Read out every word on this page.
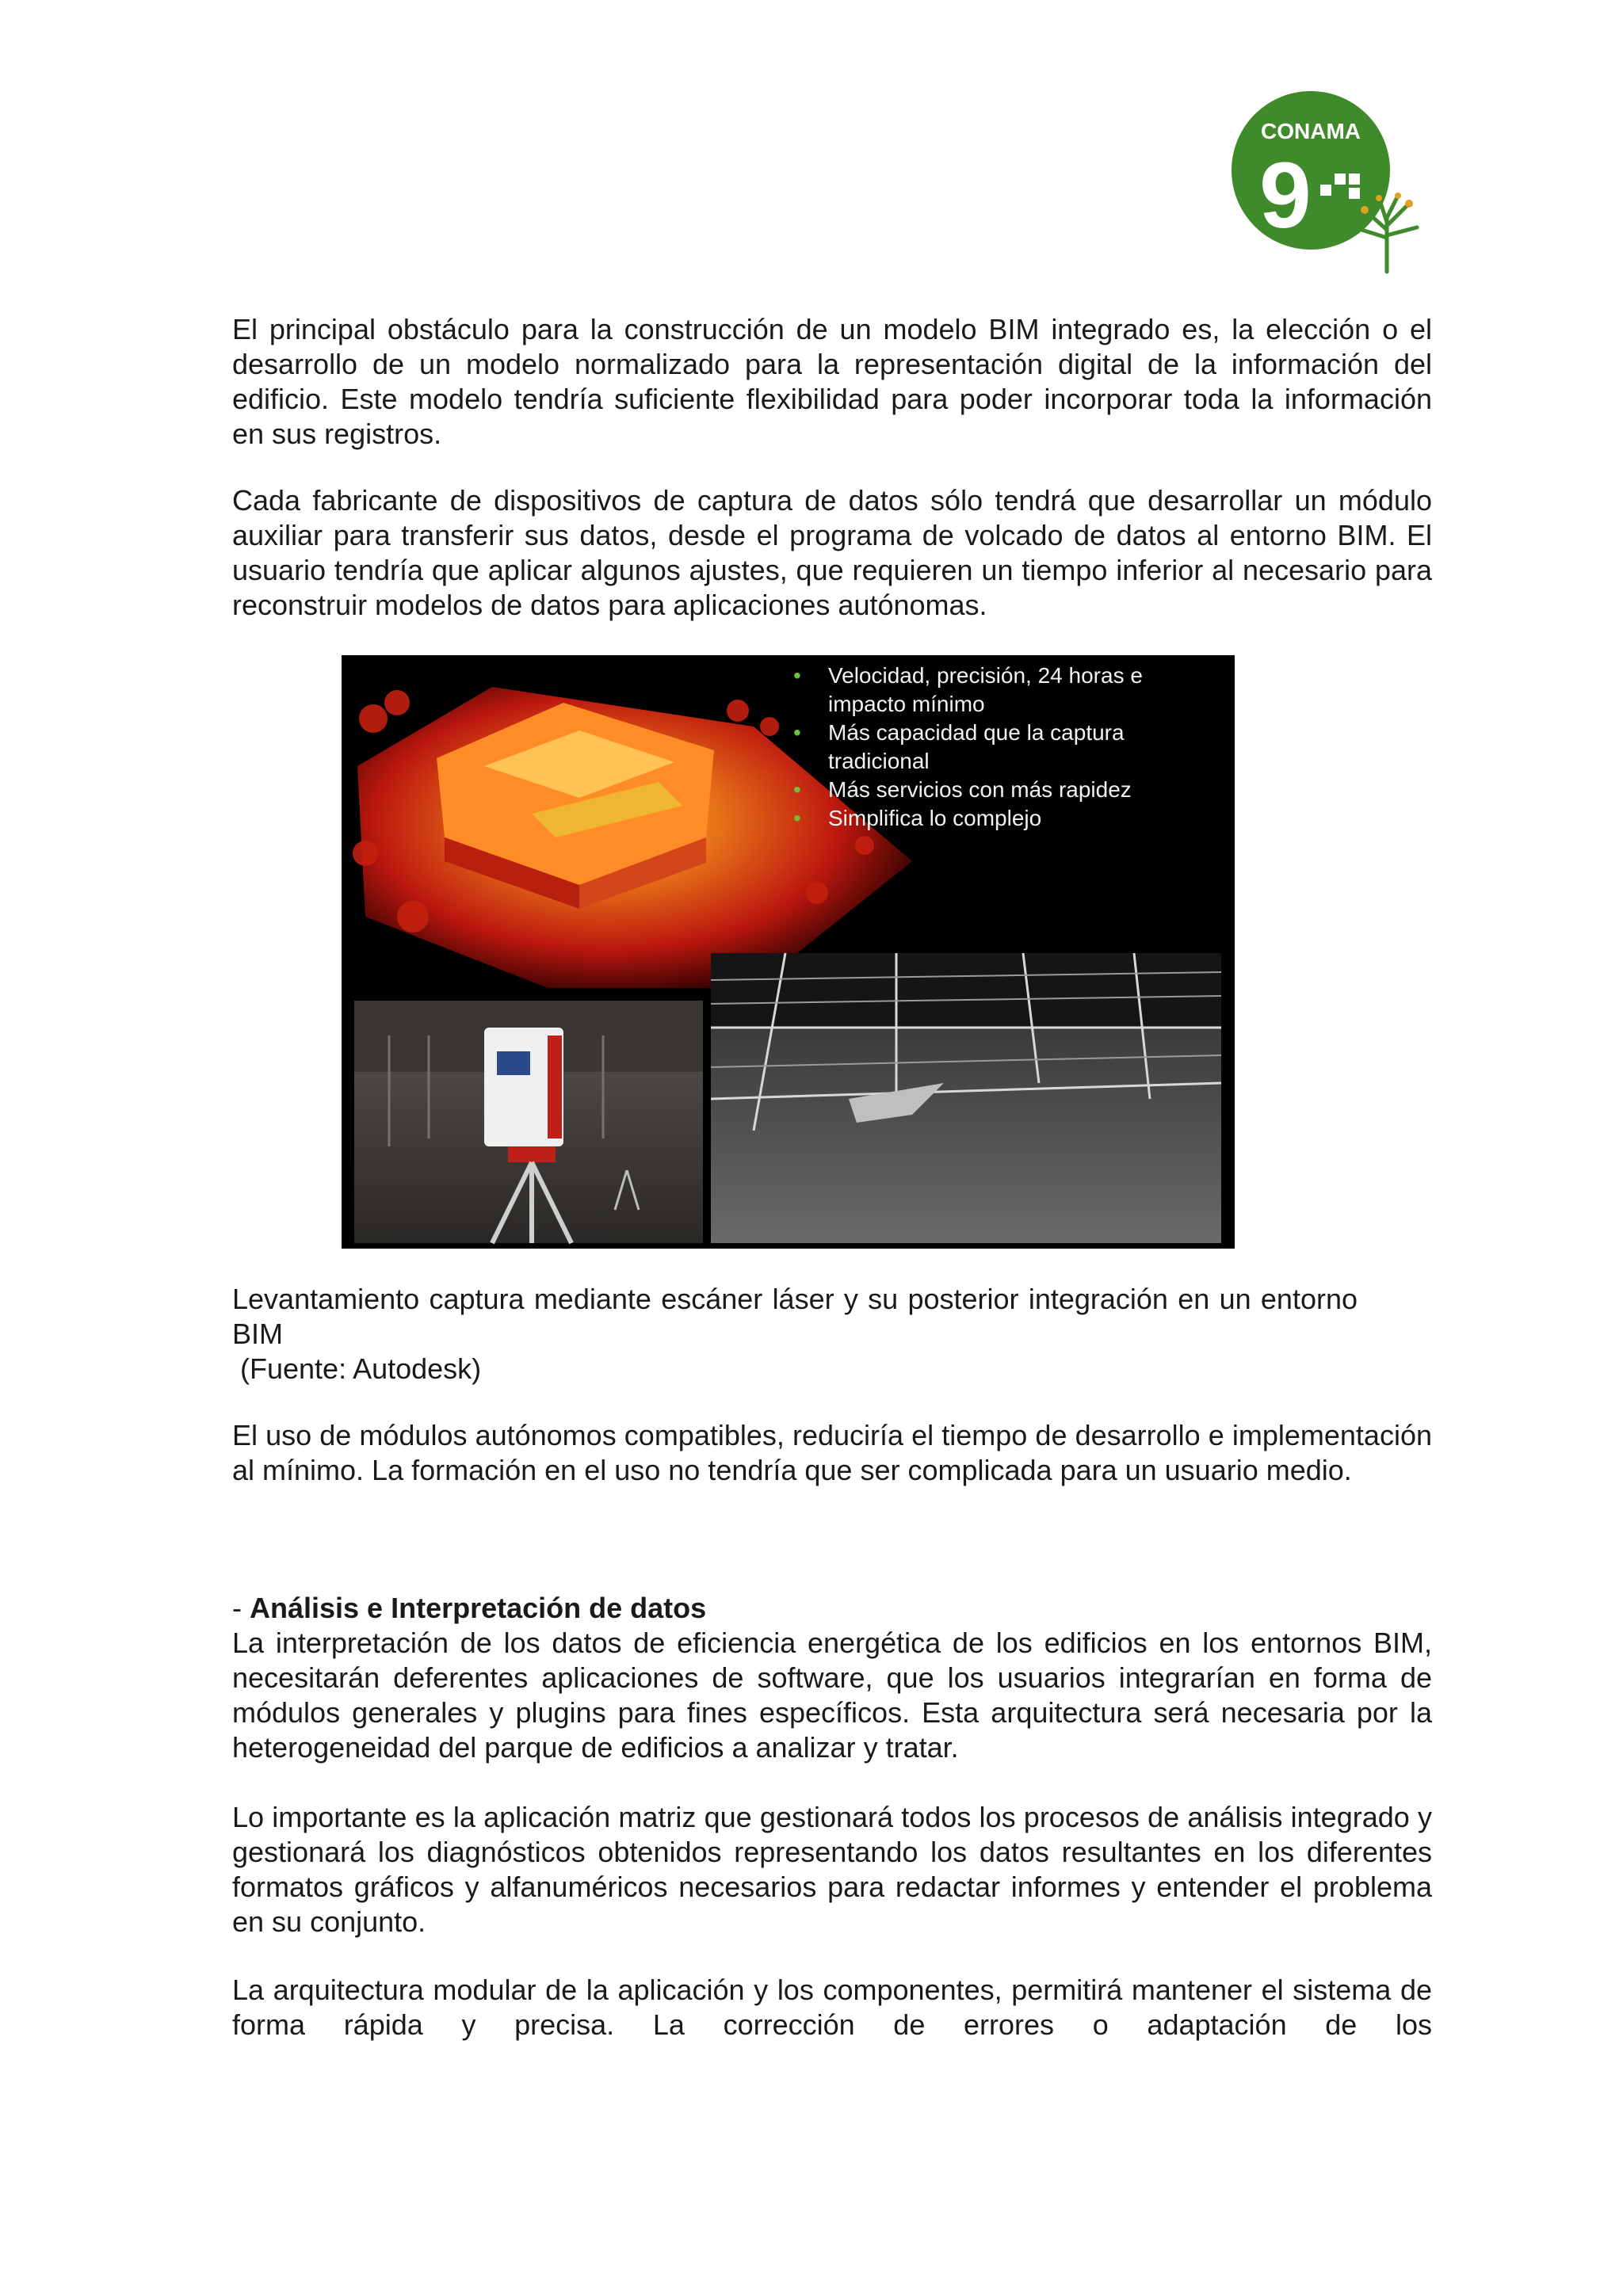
CONAMA
9

El principal obstáculo para la construcción de un modelo BIM integrado es, la elección o el desarrollo de un modelo normalizado para la representación digital de la información del edificio. Este modelo tendría suficiente flexibilidad para poder incorporar toda la información en sus registros.

Cada fabricante de dispositivos de captura de datos sólo tendrá que desarrollar un módulo auxiliar para transferir sus datos, desde el programa de volcado de datos al entorno BIM. El usuario tendría que aplicar algunos ajustes, que requieren un tiempo inferior al necesario para reconstruir modelos de datos para aplicaciones autónomas.

• Velocidad, precisión, 24 horas e impacto mínimo
• Más capacidad que la captura tradicional
• Más servicios con más rapidez
• Simplifica lo complejo

Levantamiento captura mediante escáner láser y su posterior integración en un entorno BIM

(Fuente: Autodesk)

El uso de módulos autónomos compatibles, reduciría el tiempo de desarrollo e implementación al mínimo. La formación en el uso no tendría que ser complicada para un usuario medio.

- Análisis e Interpretación de datos

La interpretación de los datos de eficiencia energética de los edificios en los entornos BIM, necesitarán deferentes aplicaciones de software, que los usuarios integrarían en forma de módulos generales y plugins para fines específicos. Esta arquitectura será necesaria por la heterogeneidad del parque de edificios a analizar y tratar.

Lo importante es la aplicación matriz que gestionará todos los procesos de análisis integrado y gestionará los diagnósticos obtenidos representando los datos resultantes en los diferentes formatos gráficos y alfanuméricos necesarios para redactar informes y entender el problema en su conjunto.

La arquitectura modular de la aplicación y los componentes, permitirá mantener el sistema de forma rápida y precisa. La corrección de errores o adaptación de los
